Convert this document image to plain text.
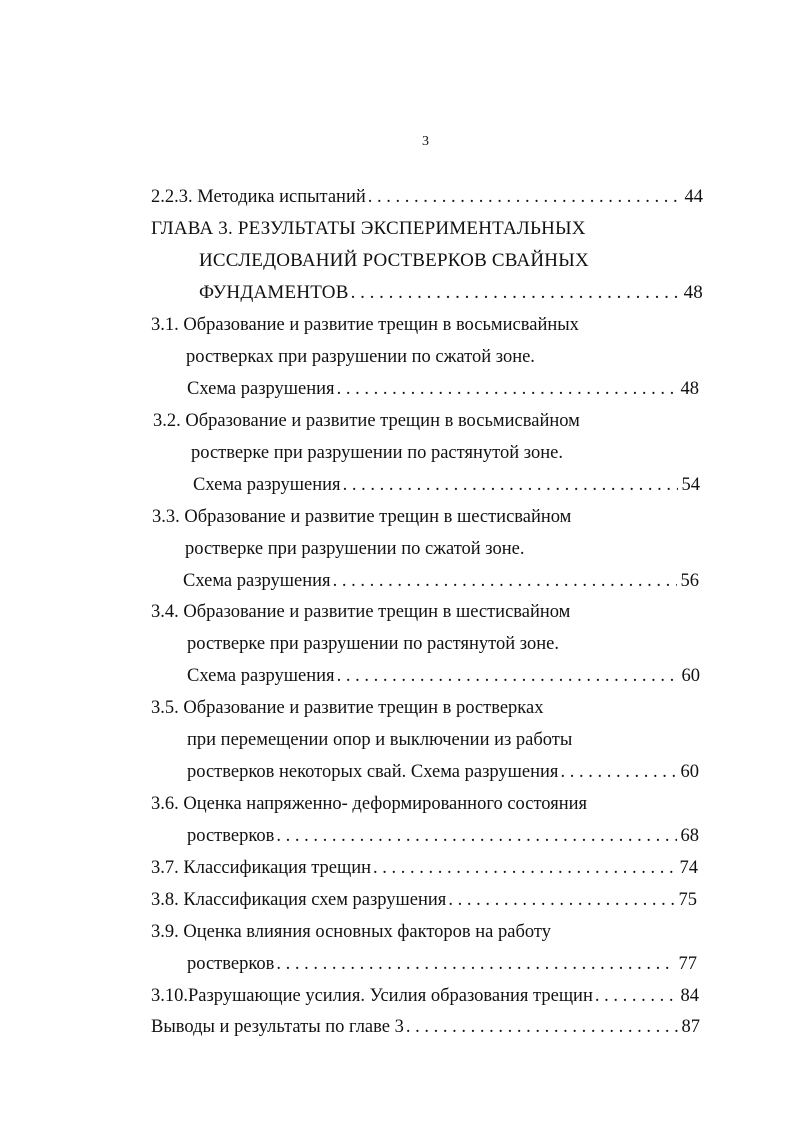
3
2.2.3. Методика испытаний . . .	44
ГЛАВА 3. РЕЗУЛЬТАТЫ ЭКСПЕРИМЕНТАЛЬНЫХ
ИССЛЕДОВАНИЙ РОСТВЕРКОВ СВАЙНЫХ
ФУНДАМЕНТОВ . . .	48
3.1. Образование и развитие трещин в восьмисвайных
ростверках при разрушении по сжатой зоне.
Схема разрушения . . .	48
3.2. Образование и развитие трещин в восьмисвайном
ростверке при разрушении по растянутой зоне.
Схема разрушения . . .	54
3.3. Образование и развитие трещин в шестисвайном
ростверке при разрушении по сжатой зоне.
Схема разрушения . . .	56
3.4. Образование и развитие трещин в шестисвайном
ростверке при разрушении по растянутой зоне.
Схема разрушения . . .	60
3.5. Образование и развитие трещин в ростверках
при перемещении опор и выключении из работы
ростверков некоторых свай. Схема разрушения . . .	60
3.6. Оценка напряженно- деформированного состояния
ростверков . . .	68
3.7. Классификация трещин . . .	74
3.8. Классификация схем разрушения . . .	75
3.9. Оценка влияния основных факторов на работу
ростверков . . .	77
3.10.Разрушающие усилия. Усилия образования трещин . . .	84
Выводы и результаты по главе 3 . . .	87
